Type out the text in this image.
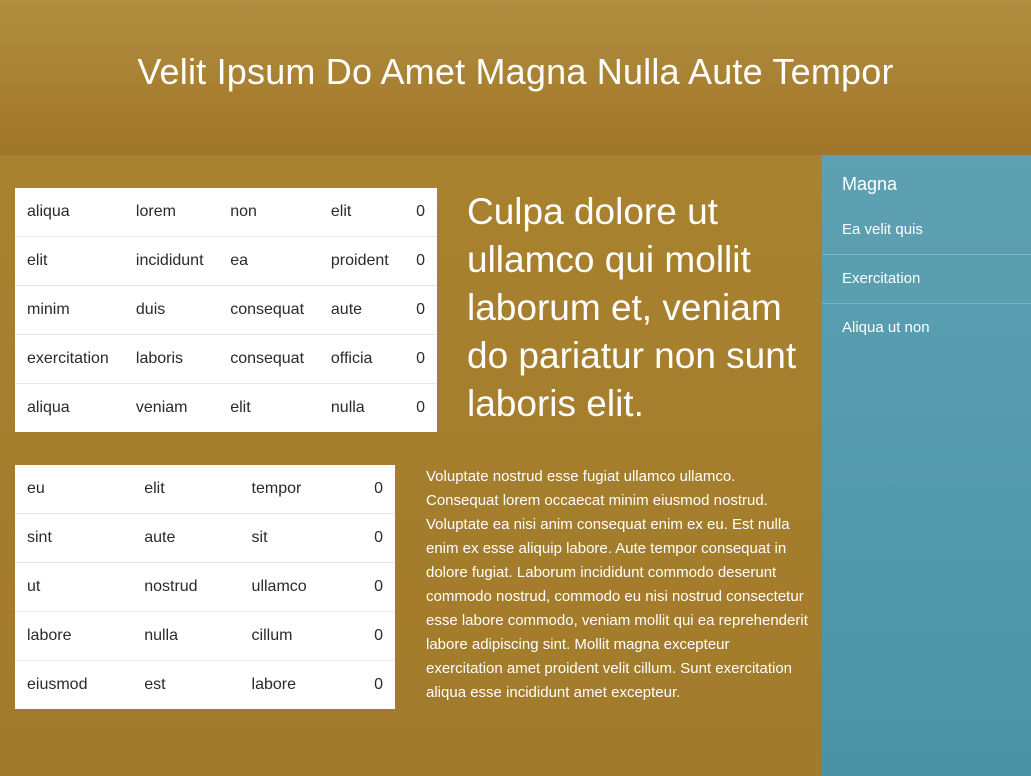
Velit Ipsum Do Amet Magna Nulla Aute Tempor
aliqua	lorem	non	elit	0
elit	incididunt	ea	proident	0
minim	duis	consequat	aute	0
exercitation	laboris	consequat	officia	0
aliqua	veniam	elit	nulla	0
Culpa dolore ut ullamco qui mollit laborum et, veniam do pariatur non sunt laboris elit.
eu	elit	tempor	0
sint	aute	sit	0
ut	nostrud	ullamco	0
labore	nulla	cillum	0
eiusmod	est	labore	0

Voluptate nostrud esse fugiat ullamco ullamco. Consequat lorem occaecat minim eiusmod nostrud. Voluptate ea nisi anim consequat enim ex eu. Est nulla enim ex esse aliquip labore. Aute tempor consequat in dolore fugiat. Laborum incididunt commodo deserunt commodo nostrud, commodo eu nisi nostrud consectetur esse labore commodo, veniam mollit qui ea reprehenderit labore adipiscing sint. Mollit magna excepteur exercitation amet proident velit cillum. Sunt exercitation aliqua esse incididunt amet excepteur.

Magna
Ea velit quis
Exercitation
Aliqua ut non
